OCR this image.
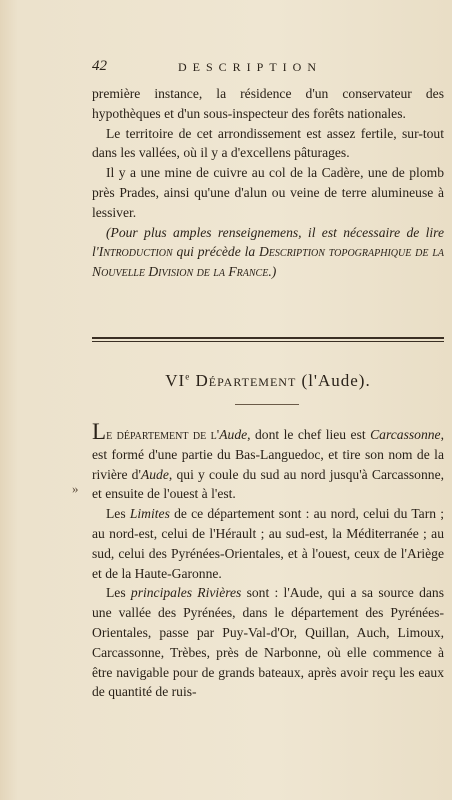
42	DESCRIPTION

première instance, la résidence d'un conservateur des hypothèques et d'un sous-inspecteur des forêts nationales.

Le territoire de cet arrondissement est assez fertile, sur-tout dans les vallées, où il y a d'excellens pâturages.

Il y a une mine de cuivre au col de la Cadère, une de plomb près Prades, ainsi qu'une d'alun ou veine de terre alumineuse à lessiver.

(Pour plus amples renseignemens, il est nécessaire de lire l'Introduction qui précède la Description topographique de la Nouvelle Division de la France.)

VIe Département (l'Aude).

Le département de l'Aude, dont le chef lieu est Carcassonne, est formé d'une partie du Bas-Languedoc, et tire son nom de la rivière d'Aude, qui y coule du sud au nord jusqu'à Carcassonne, et ensuite de l'ouest à l'est.

Les Limites de ce département sont : au nord, celui du Tarn ; au nord-est, celui de l'Hérault ; au sud-est, la Méditerranée ; au sud, celui des Pyrénées-Orientales, et à l'ouest, ceux de l'Ariège et de la Haute-Garonne.

Les principales Rivières sont : l'Aude, qui a sa source dans une vallée des Pyrénées, dans le département des Pyrénées-Orientales, passe par Puy-Val-d'Or, Quillan, Auch, Limoux, Carcassonne, Trèbes, près de Narbonne, où elle commence à être navigable pour de grands bateaux, après avoir reçu les eaux de quantité de ruis-

»
